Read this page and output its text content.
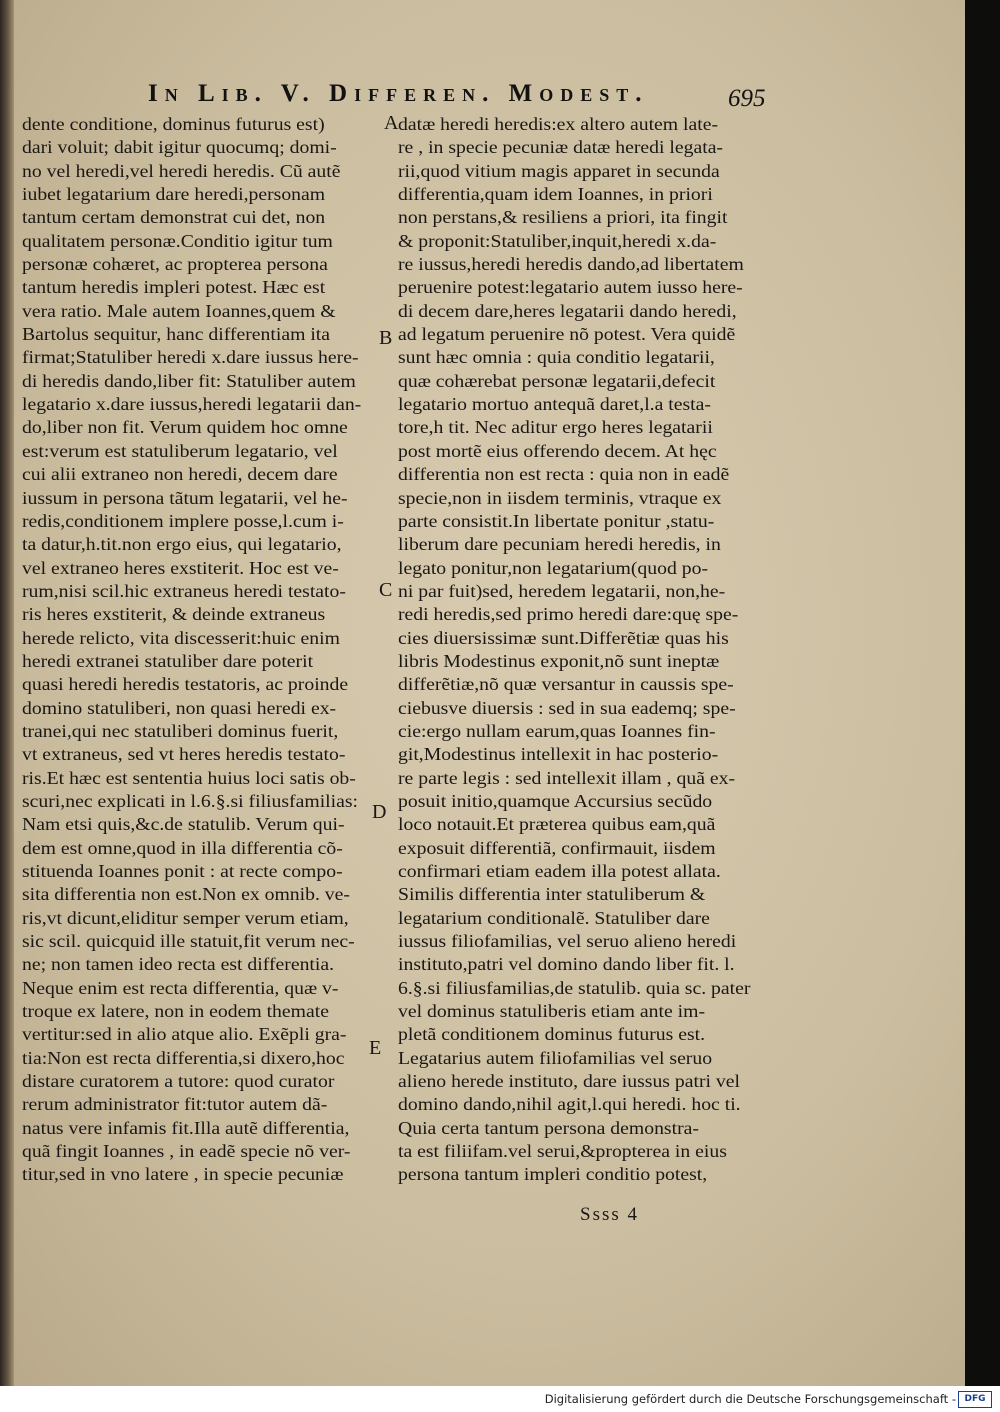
In Lib. V. Differen. Modest.	695
dente conditione, dominus futurus est)
dari voluit; dabit igitur quocumq; domi-
no vel heredi,vel heredi heredis. Cũ autẽ
iubet legatarium dare heredi,personam
tantum certam demonstrat cui det, non
qualitatem personæ.Conditio igitur tum
personæ cohæret, ac propterea persona
tantum heredis impleri potest. Hæc est
vera ratio. Male autem Ioannes,quem &
Bartolus sequitur, hanc differentiam ita
firmat;Statuliber heredi x.dare iussus here-
di heredis dando,liber fit: Statuliber autem
legatario x.dare iussus,heredi legatarii dan-
do,liber non fit. Verum quidem hoc omne
est:verum est statuliberum legatario, vel
cui alii extraneo non heredi, decem dare
iussum in persona tãtum legatarii, vel he-
redis,conditionem implere posse,l.cum i-
ta datur,h.tit.non ergo eius, qui legatario,
vel extraneo heres exstiterit. Hoc est ve-
rum,nisi scil.hic extraneus heredi testato-
ris heres exstiterit, & deinde extraneus
herede relicto, vita discesserit:huic enim
heredi extranei statuliber dare poterit
quasi heredi heredis testatoris, ac proinde
domino statuliberi, non quasi heredi ex-
tranei,qui nec statuliberi dominus fuerit,
vt extraneus, sed vt heres heredis testato-
ris.Et hæc est sententia huius loci satis ob-
scuri,nec explicati in l.6.§.si filiusfamilias:
Nam etsi quis,&c.de statulib. Verum qui-
dem est omne,quod in illa differentia cõ-
stituenda Ioannes ponit : at recte compo-
sita differentia non est.Non ex omnib. ve-
ris,vt dicunt,eliditur semper verum etiam,
sic scil. quicquid ille statuit,fit verum nec-
ne; non tamen ideo recta est differentia.
Neque enim est recta differentia, quæ v-
troque ex latere, non in eodem themate
vertitur:sed in alio atque alio. Exẽpli gra-
tia:Non est recta differentia,si dixero,hoc
distare curatorem a tutore: quod curator
rerum administrator fit:tutor autem dã-
natus vere infamis fit.Illa autẽ differentia,
quã fingit Ioannes , in eadẽ specie nõ ver-
titur,sed in vno latere , in specie pecuniæ
datæ heredi heredis:ex altero autem late-
re , in specie pecuniæ datæ heredi legata-
rii,quod vitium magis apparet in secunda
differentia,quam idem Ioannes, in priori
non perstans,& resiliens a priori, ita fingit
& proponit:Statuliber,inquit,heredi x.da-
re iussus,heredi heredis dando,ad libertatem
peruenire potest:legatario autem iusso here-
di decem dare,heres legatarii dando heredi,
ad legatum peruenire nõ potest. Vera quidẽ
sunt hæc omnia : quia conditio legatarii,
quæ cohærebat personæ legatarii,defecit
legatario mortuo antequã daret,l.a testa-
tore,h tit. Nec aditur ergo heres legatarii
post mortẽ eius offerendo decem. At hęc
differentia non est recta : quia non in eadẽ
specie,non in iisdem terminis, vtraque ex
parte consistit.In libertate ponitur ,statu-
liberum dare pecuniam heredi heredis, in
legato ponitur,non legatarium(quod po-
ni par fuit)sed, heredem legatarii, non,he-
redi heredis,sed primo heredi dare:quę spe-
cies diuersissimæ sunt.Differẽtiæ quas his
libris Modestinus exponit,nõ sunt ineptæ
differẽtiæ,nõ quæ versantur in caussis spe-
ciebusve diuersis : sed in sua eademq; spe-
cie:ergo nullam earum,quas Ioannes fin-
git,Modestinus intellexit in hac posterio-
re parte legis : sed intellexit illam , quã ex-
posuit initio,quamque Accursius secũdo
loco notauit.Et præterea quibus eam,quã
exposuit differentiã, confirmauit, iisdem
confirmari etiam eadem illa potest allata.
Similis differentia inter statuliberum &
legatarium conditionalẽ. Statuliber dare
iussus filiofamilias, vel seruo alieno heredi
instituto,patri vel domino dando liber fit. l.
6.§.si filiusfamilias,de statulib. quia sc. pater
vel dominus statuliberis etiam ante im-
pletã conditionem dominus futurus est.
Legatarius autem filiofamilias vel seruo
alieno herede instituto, dare iussus patri vel
domino dando,nihil agit,l.qui heredi. hoc ti.
Quia certa tantum persona demonstra-
ta est filiifam.vel serui,&propterea in eius
persona tantum impleri conditio potest,
A
B
C
D
E
Ssss 4
Digitalisierung gefördert durch die Deutsche Forschungsgemeinschaft - DFG
